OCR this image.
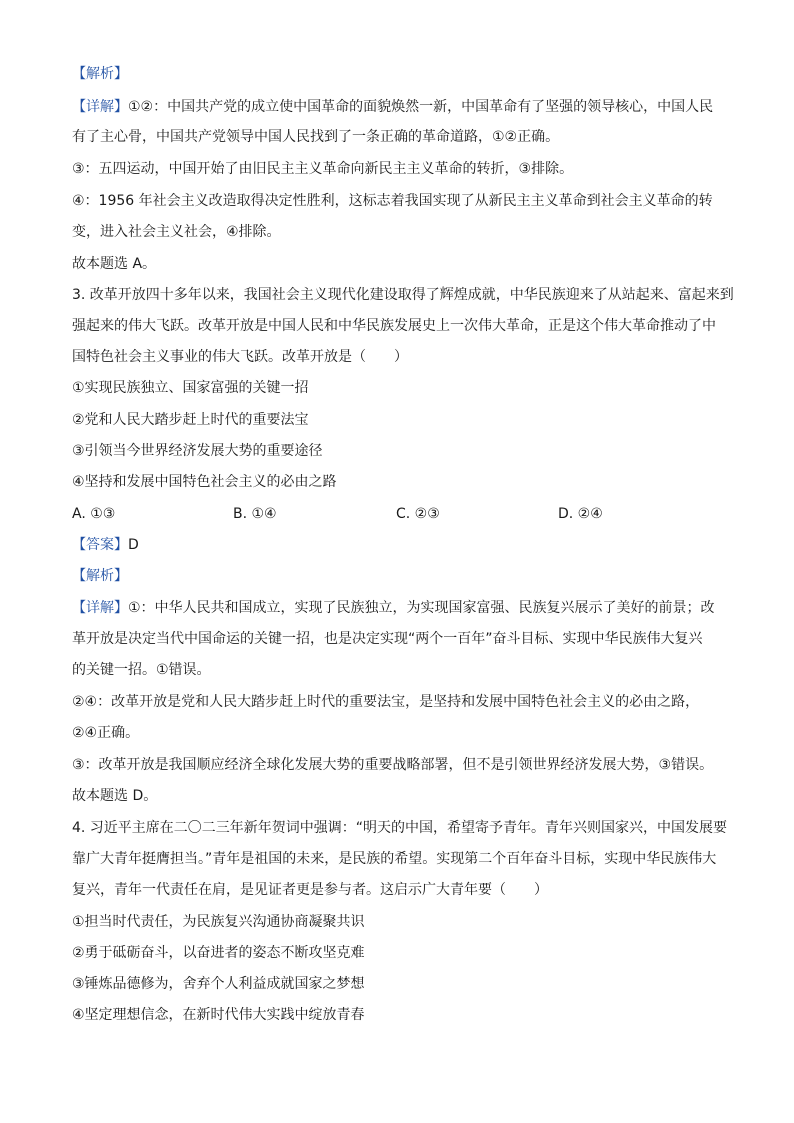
【解析】
【详解】①②：中国共产党的成立使中国革命的面貌焕然一新，中国革命有了坚强的领导核心，中国人民
有了主心骨，中国共产党领导中国人民找到了一条正确的革命道路，①②正确。
③：五四运动，中国开始了由旧民主主义革命向新民主主义革命的转折，③排除。
④：1956 年社会主义改造取得决定性胜利，这标志着我国实现了从新民主主义革命到社会主义革命的转
变，进入社会主义社会，④排除。
故本题选 A。
3. 改革开放四十多年以来，我国社会主义现代化建设取得了辉煌成就，中华民族迎来了从站起来、富起来到
强起来的伟大飞跃。改革开放是中国人民和中华民族发展史上一次伟大革命，正是这个伟大革命推动了中
国特色社会主义事业的伟大飞跃。改革开放是（　　）
①实现民族独立、国家富强的关键一招
②党和人民大踏步赶上时代的重要法宝
③引领当今世界经济发展大势的重要途径
④坚持和发展中国特色社会主义的必由之路
A. ①③	B. ①④	C. ②③	D. ②④
【答案】D
【解析】
【详解】①：中华人民共和国成立，实现了民族独立，为实现国家富强、民族复兴展示了美好的前景；改
革开放是决定当代中国命运的关键一招，也是决定实现“两个一百年”奋斗目标、实现中华民族伟大复兴
的关键一招。①错误。
②④：改革开放是党和人民大踏步赶上时代的重要法宝，是坚持和发展中国特色社会主义的必由之路，
②④正确。
③：改革开放是我国顺应经济全球化发展大势的重要战略部署，但不是引领世界经济发展大势，③错误。
故本题选 D。
4. 习近平主席在二〇二三年新年贺词中强调：“明天的中国，希望寄予青年。青年兴则国家兴，中国发展要
靠广大青年挺膺担当。”青年是祖国的未来，是民族的希望。实现第二个百年奋斗目标，实现中华民族伟大
复兴，青年一代责任在肩，是见证者更是参与者。这启示广大青年要（　　）
①担当时代责任，为民族复兴沟通协商凝聚共识
②勇于砥砺奋斗，以奋进者的姿态不断攻坚克难
③锤炼品德修为，舍弃个人利益成就国家之梦想
④坚定理想信念，在新时代伟大实践中绽放青春
